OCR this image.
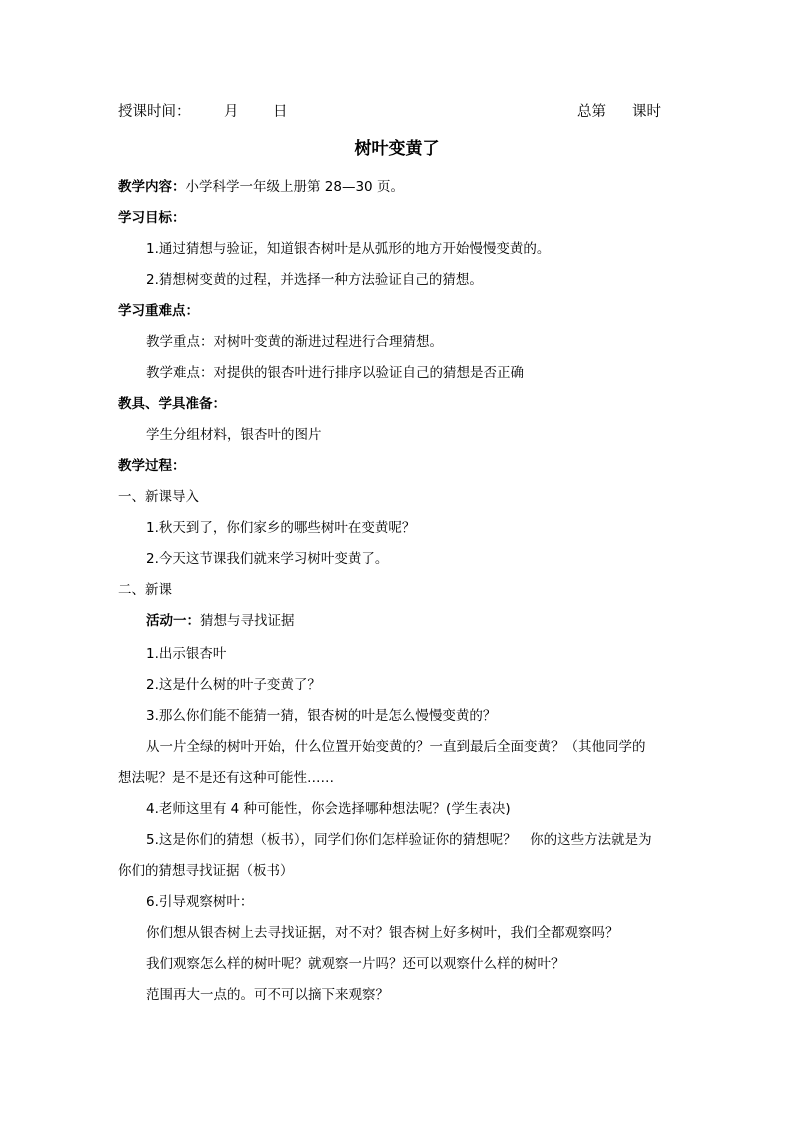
授课时间： 月 日	总第 课时
树叶变黄了
教学内容：小学科学一年级上册第 28—30 页。
学习目标：
1.通过猜想与验证，知道银杏树叶是从弧形的地方开始慢慢变黄的。
2.猜想树变黄的过程，并选择一种方法验证自己的猜想。
学习重难点：
教学重点：对树叶变黄的渐进过程进行合理猜想。
教学难点：对提供的银杏叶进行排序以验证自己的猜想是否正确
教具、学具准备：
学生分组材料，银杏叶的图片
教学过程：
一、新课导入
1.秋天到了，你们家乡的哪些树叶在变黄呢？
2.今天这节课我们就来学习树叶变黄了。
二、新课
活动一：猜想与寻找证据
1.出示银杏叶
2.这是什么树的叶子变黄了？
3.那么你们能不能猜一猜，银杏树的叶是怎么慢慢变黄的？
从一片全绿的树叶开始，什么位置开始变黄的？一直到最后全面变黄？（其他同学的
想法呢？是不是还有这种可能性……
4.老师这里有 4 种可能性，你会选择哪种想法呢？(学生表决)
5.这是你们的猜想（板书），同学们你们怎样验证你的猜想呢？　你的这些方法就是为
你们的猜想寻找证据（板书）
6.引导观察树叶：
你们想从银杏树上去寻找证据，对不对？银杏树上好多树叶，我们全都观察吗？
我们观察怎么样的树叶呢？就观察一片吗？还可以观察什么样的树叶？
范围再大一点的。可不可以摘下来观察？
